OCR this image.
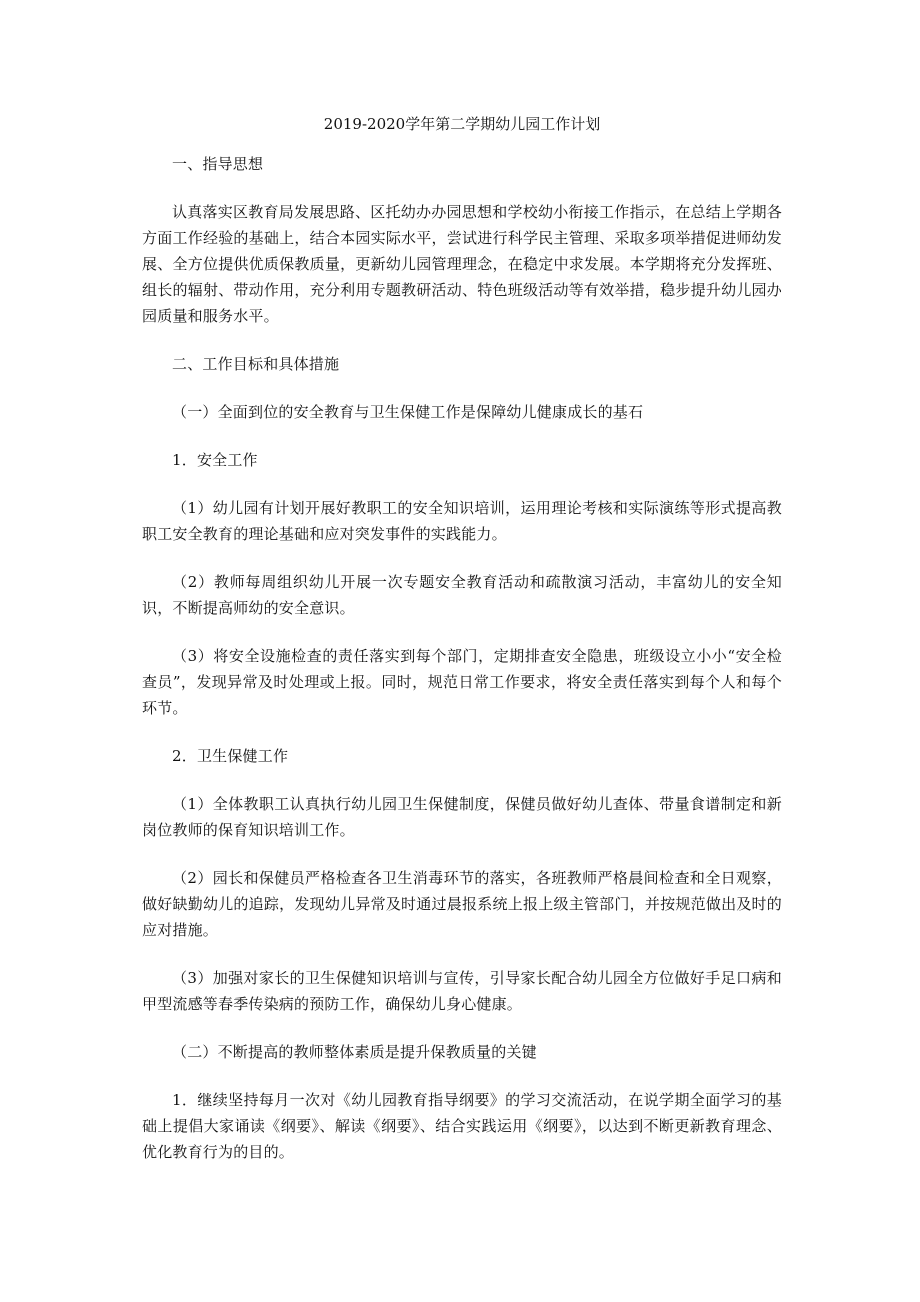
2019-2020学年第二学期幼儿园工作计划

一、指导思想

认真落实区教育局发展思路、区托幼办办园思想和学校幼小衔接工作指示，在总结上学期各方面工作经验的基础上，结合本园实际水平，尝试进行科学民主管理、采取多项举措促进师幼发展、全方位提供优质保教质量，更新幼儿园管理理念，在稳定中求发展。本学期将充分发挥班、组长的辐射、带动作用，充分利用专题教研活动、特色班级活动等有效举措，稳步提升幼儿园办园质量和服务水平。

二、工作目标和具体措施

（一）全面到位的安全教育与卫生保健工作是保障幼儿健康成长的基石

1．安全工作

（1）幼儿园有计划开展好教职工的安全知识培训，运用理论考核和实际演练等形式提高教职工安全教育的理论基础和应对突发事件的实践能力。

（2）教师每周组织幼儿开展一次专题安全教育活动和疏散演习活动，丰富幼儿的安全知识，不断提高师幼的安全意识。

（3）将安全设施检查的责任落实到每个部门，定期排查安全隐患，班级设立小小“安全检查员”，发现异常及时处理或上报。同时，规范日常工作要求，将安全责任落实到每个人和每个环节。

2．卫生保健工作

（1）全体教职工认真执行幼儿园卫生保健制度，保健员做好幼儿查体、带量食谱制定和新岗位教师的保育知识培训工作。

（2）园长和保健员严格检查各卫生消毒环节的落实，各班教师严格晨间检查和全日观察，做好缺勤幼儿的追踪，发现幼儿异常及时通过晨报系统上报上级主管部门，并按规范做出及时的应对措施。

（3）加强对家长的卫生保健知识培训与宣传，引导家长配合幼儿园全方位做好手足口病和甲型流感等春季传染病的预防工作，确保幼儿身心健康。

（二）不断提高的教师整体素质是提升保教质量的关键

1．继续坚持每月一次对《幼儿园教育指导纲要》的学习交流活动，在说学期全面学习的基础上提倡大家诵读《纲要》、解读《纲要》、结合实践运用《纲要》，以达到不断更新教育理念、优化教育行为的目的。
